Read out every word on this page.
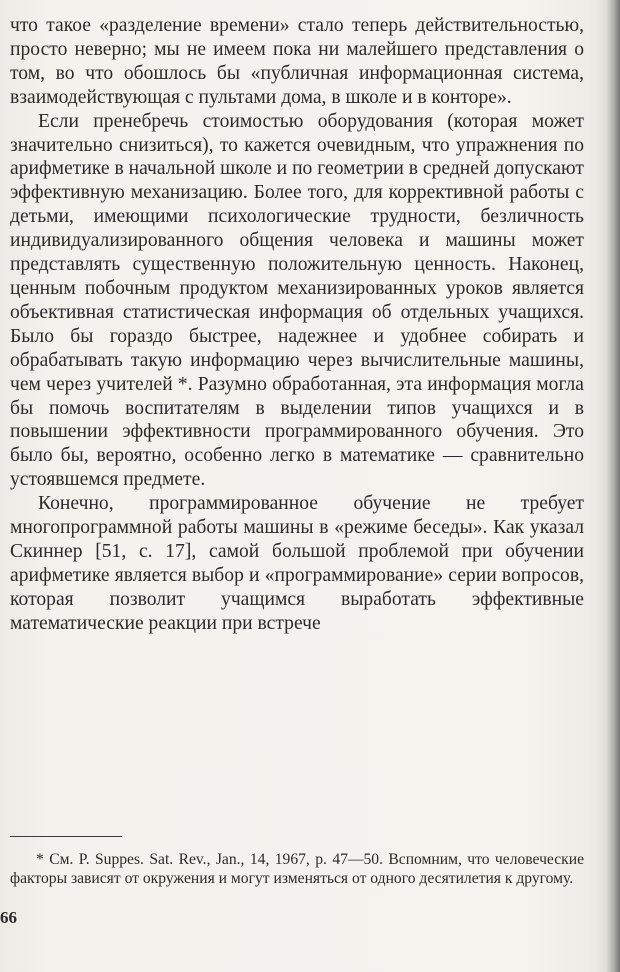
что такое «разделение времени» стало теперь действительностью, просто неверно; мы не имеем пока ни малейшего представления о том, во что обошлось бы «публичная информационная система, взаимодействующая с пультами дома, в школе и в конторе».

Если пренебречь стоимостью оборудования (которая может значительно снизиться), то кажется очевидным, что упражнения по арифметике в начальной школе и по геометрии в средней допускают эффективную механизацию. Более того, для коррективной работы с детьми, имеющими психологические трудности, безличность индивидуализированного общения человека и машины может представлять существенную положительную ценность. Наконец, ценным побочным продуктом механизированных уроков является объективная статистическая информация об отдельных учащихся. Было бы гораздо быстрее, надежнее и удобнее собирать и обрабатывать такую информацию через вычислительные машины, чем через учителей *. Разумно обработанная, эта информация могла бы помочь воспитателям в выделении типов учащихся и в повышении эффективности программированного обучения. Это было бы, вероятно, особенно легко в математике — сравнительно устоявшемся предмете.

Конечно, программированное обучение не требует многопрограммной работы машины в «режиме беседы». Как указал Скиннер [51, с. 17], самой большой проблемой при обучении арифметике является выбор и «программирование» серии вопросов, которая позволит учащимся выработать эффективные математические реакции при встрече

* См. P. Suppes. Sat. Rev., Jan., 14, 1967, p. 47—50. Вспомним, что человеческие факторы зависят от окружения и могут изменяться от одного десятилетия к другому.

66
